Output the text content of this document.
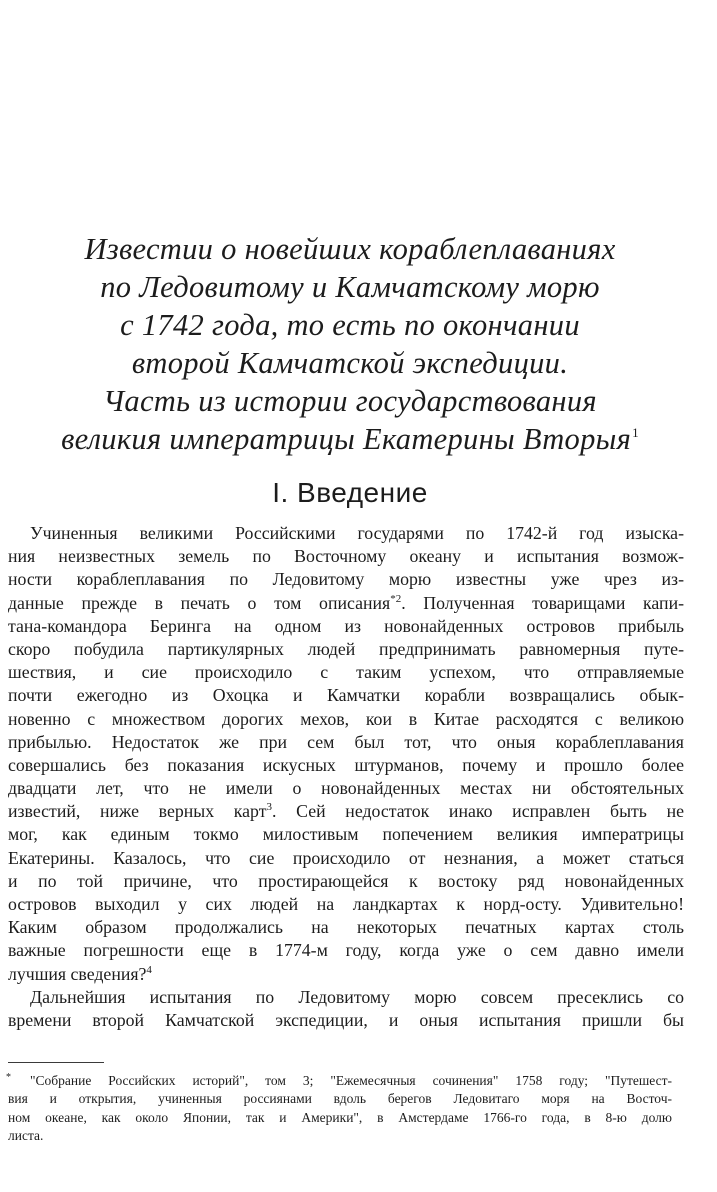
Известии о новейших кораблеплаваниях
по Ледовитому и Камчатскому морю
с 1742 года, то есть по окончании
второй Камчатской экспедиции.
Часть из истории государствования
великия императрицы Екатерины Вторыя$^1$
I. Введение
Учиненныя великими Российскими государями по 1742-й год изыска-
ния неизвестных земель по Восточному океану и испытания возмож-
ности кораблеплавания по Ледовитому морю известны уже чрез из-
данные прежде в печать о том описания$^{*2}$. Полученная товарищами капи-
тана-командора Беринга на одном из новонайденных островов прибыль
скоро побудила партикулярных людей предпринимать равномерныя путе-
шествия, и сие происходило с таким успехом, что отправляемые
почти ежегодно из Охоцка и Камчатки корабли возвращались обык-
новенно с множеством дорогих мехов, кои в Китае расходятся с великою
прибылью. Недостаток же при сем был тот, что оныя кораблеплавания
совершались без показания искусных штурманов, почему и прошло более
двадцати лет, что не имели о новонайденных местах ни обстоятельных
известий, ниже верных карт$^3$. Сей недостаток инако исправлен быть не
мог, как единым токмо милостивым попечением великия императрицы
Екатерины. Казалось, что сие происходило от незнания, а может статься
и по той причине, что простирающейся к востоку ряд новонайденных
островов выходил у сих людей на ландкартах к норд-осту. Удивительно!
Каким образом продолжались на некоторых печатных картах столь
важные погрешности еще в 1774-м году, когда уже о сем давно имели
лучшия сведения?$^4$
Дальнейшия испытания по Ледовитому морю совсем пресеклись со
времени второй Камчатской экспедиции, и оныя испытания пришли бы
*	"Собрание Российских историй", том 3; "Ежемесячныя сочинения" 1758 году; "Путешест-
вия и открытия, учиненныя россиянами вдоль берегов Ледовитаго моря на Восточ-
ном океане, как около Японии, так и Америки", в Амстердаме 1766-го года, в 8-ю долю
листа.
